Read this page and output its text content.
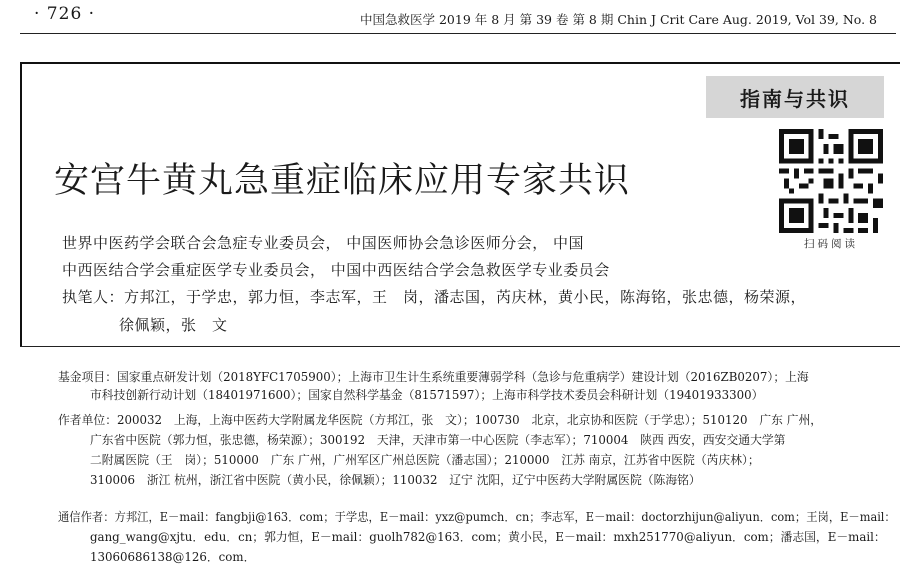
· 726 ·	中国急救医学 2019 年 8 月 第 39 卷 第 8 期 Chin J Crit Care Aug. 2019, Vol 39, No. 8
指南与共识
扫码阅读
安宫牛黄丸急重症临床应用专家共识
世界中医药学会联合会急症专业委员会， 中国医师协会急诊医师分会， 中国
中西医结合学会重症医学专业委员会， 中国中西医结合学会急救医学专业委员会
执笔人：方邦江，于学忠，郭力恒，李志军，王　岗，潘志国，芮庆林，黄小民，陈海铭，张忠德，杨荣源，
徐佩颖，张　文
基金项目：国家重点研发计划（2018YFC1705900）；上海市卫生计生系统重要薄弱学科（急诊与危重病学）建设计划（2016ZB0207）；上海
市科技创新行动计划（18401971600）；国家自然科学基金（81571597）；上海市科学技术委员会科研计划（19401933300）
作者单位：200032　上海，上海中医药大学附属龙华医院（方邦江，张　文）；100730　北京，北京协和医院（于学忠）；510120　广东 广州，
广东省中医院（郭力恒，张忠德，杨荣源）；300192　天津，天津市第一中心医院（李志军）；710004　陕西 西安，西安交通大学第
二附属医院（王　岗）；510000　广东 广州，广州军区广州总医院（潘志国）；210000　江苏 南京，江苏省中医院（芮庆林）；
310006　浙江 杭州，浙江省中医院（黄小民，徐佩颖）；110032　辽宁 沈阳，辽宁中医药大学附属医院（陈海铭）
通信作者：方邦江，E－mail：fangbji@163．com；于学忠，E－mail：yxz@pumch．cn；李志军，E－mail：doctorzhijun@aliyun．com；王岗，E－mail：
gang_wang@xjtu．edu．cn；郭力恒，E－mail：guolh782@163．com；黄小民，E－mail：mxh251770@aliyun．com；潘志国，E－mail：
13060686138@126．com．
